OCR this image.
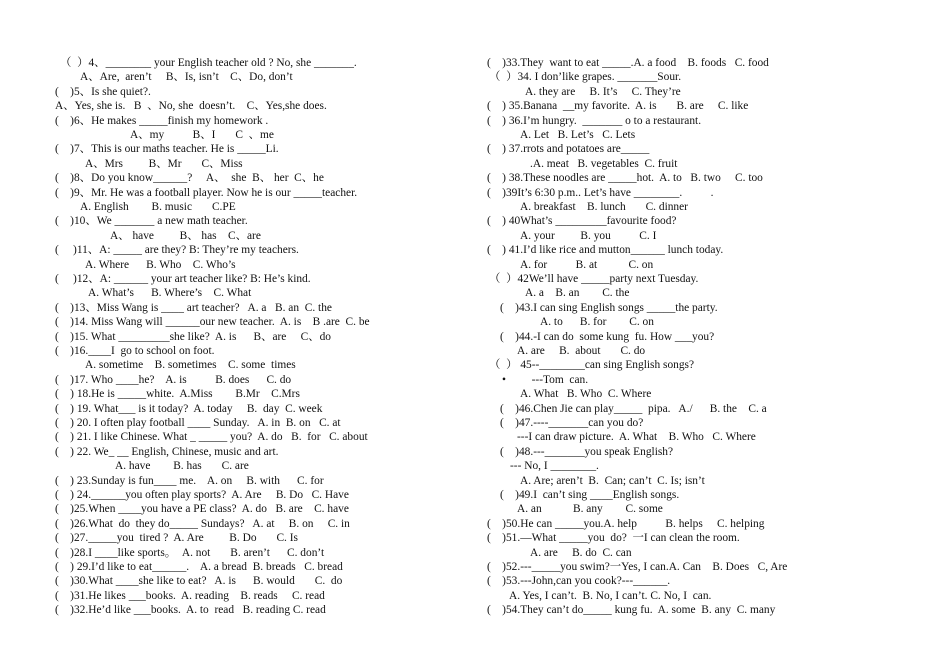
（  ）4、________ your English teacher old ? No, she _______.
A、Are,  aren’t     B、Is, isn’t    C、Do, don’t
(    )5、Is she quiet?.
A、Yes, she is.   B  、No, she  doesn’t.    C、Yes,she does.
(    )6、He makes _____finish my homework .
A、my          B、I       C  、me
(    )7、This is our maths teacher. He is _____Li.
A、Mrs         B、Mr       C、Miss
(    )8、Do you know______?     A、  she  B、 her  C、he
(    )9、Mr. He was a football player. Now he is our _____teacher.
A. English        B. music       C.PE
(    )10、We _______ a new math teacher.
A、 have         B、 has    C、are
(     )11、A: _____ are they? B: They’re my teachers.
A. Where      B. Who    C. Who’s
(     )12、A: ______ your art teacher like? B: He’s kind.
A. What’s      B. Where’s    C. What
(    )13、Miss Wang is ____ art teacher?   A. a   B. an  C. the
(    )14. Miss Wang will ______our new teacher.  A. is    B .are  C. be
(    )15. What _________she like?  A. is      B、are     C、do
(    )16.____I  go to school on foot.
A. sometime    B. sometimes    C. some  times
(    )17. Who ____he?    A. is          B. does      C. do
(    ) 18.He is _____white.  A.Miss        B.Mr    C.Mrs
(    ) 19. What___ is it today?  A. today     B.  day  C. week
(    ) 20. I often play football ____ Sunday.   A. in  B. on   C. at
(    ) 21. I like Chinese. What _ _____ you?  A. do   B.  for   C. about
(    ) 22. We_ __ English, Chinese, music and art.
A. have        B. has       C. are
(    ) 23.Sunday is fun____ me.    A. on     B. with      C. for
(    ) 24.______you often play sports?  A. Are     B. Do   C. Have
(    )25.When ____you have a PE class?  A. do   B. are    C. have
(    )26.What  do  they do_____ Sundays?   A. at     B. on     C. in
(    )27._____you  tired ?  A. Are         B. Do       C. Is
(    )28.I ____like sports。  A. not       B. aren’t      C. don’t
(    ) 29.I’d like to eat______.    A. a bread  B. breads   C. bread
(    )30.What ____she like to eat?   A. is      B. would       C.  do
(    )31.He likes ___books.  A. reading    B. reads     C. read
(    )32.He’d like ___books.  A. to  read   B. reading C. read
(    )33.They  want to eat _____.A. a food    B. foods   C. food
（  ）34. I don’like grapes. _______Sour.
A. they are     B. It’s     C. They’re
(    ) 35.Banana  __my favorite.  A. is       B. are     C. like
(    ) 36.I’m hungry.  _______ o to a restaurant.
A. Let   B. Let’s   C. Lets
(    ) 37.rrots and potatoes are_____
.A. meat   B. vegetables  C. fruit
(    ) 38.These noodles are _____hot.  A. to   B. two     C. too
(    )39It’s 6:30 p.m.. Let’s have ________.          .
A. breakfast    B. lunch       C. dinner
(    ) 40What’s _________favourite food?
A. your         B. you          C. I
(    ) 41.I’d like rice and mutton______ lunch today.
A. for          B. at           C. on
（  ）42We’ll have _____party next Tuesday.
A. a    B. an        C. the
(    )43.I can sing English songs _____the party.
A. to      B. for        C. on
(    )44.-I can do  some kung  fu. How ___you?
A. are     B.  about       C. do
（  ） 45--________can sing English songs?
•         ---Tom  can.
A. What   B. Who  C. Where
(    )46.Chen Jie can play_____  pipa.   A./      B. the    C. a
(    )47.----_______can you do?
---I can draw picture.  A. What    B. Who   C. Where
(    )48.---_______you speak English?
--- No, I ________.
A. Are; aren’t  B.  Can; can’t  C. Is; isn’t
(    )49.I  can’t sing ____English songs.
A. an           B. any        C. some
(    )50.He can _____you.A. help          B. helps     C. helping
(    )51.—What _____you  do?  一I can clean the room.
A. are     B. do  C. can
(    )52.---_____you swim?一Yes, I can.A. Can    B. Does   C, Are
(    )53.---John,can you cook?---______.
A. Yes, I can’t.  B. No, I can’t. C. No, I  can.
(    )54.They can’t do_____ kung fu.  A. some  B. any  C. many
